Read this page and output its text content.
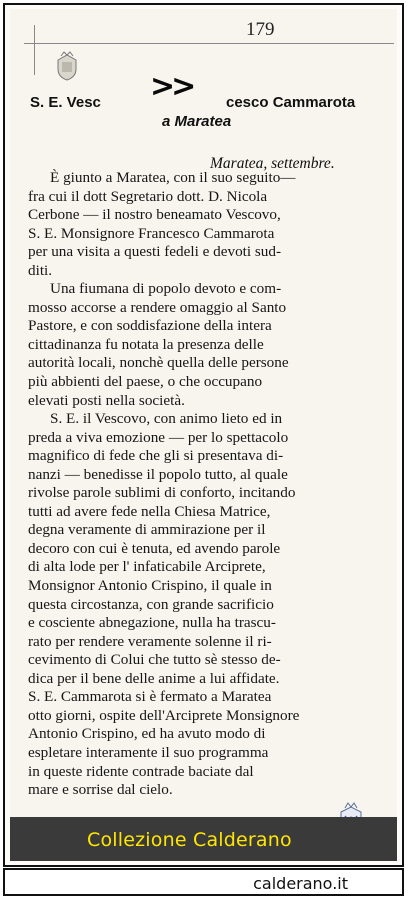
179
S. E. Vesc	cesco Cammarota
>>
a Maratea
Maratea, settembre.
È giunto a Maratea, con il suo seguito—
fra cui il dott Segretario dott. D. Nicola
Cerbone — il nostro beneamato Vescovo,
S. E. Monsignore Francesco Cammarota
per una visita a questi fedeli e devoti sud-
diti.
Una fiumana di popolo devoto e com-
mosso accorse a rendere omaggio al Santo
Pastore, e con soddisfazione della intera
cittadinanza fu notata la presenza delle
autorità locali, nonchè quella delle persone
più abbienti del paese, o che occupano
elevati posti nella società.
S. E. il Vescovo, con animo lieto ed in
preda a viva emozione — per lo spettacolo
magnifico di fede che gli si presentava di-
nanzi — benedisse il popolo tutto, al quale
rivolse parole sublimi di conforto, incitando
tutti ad avere fede nella Chiesa Matrice,
degna veramente di ammirazione per il
decoro con cui è tenuta, ed avendo parole
di alta lode per l' infaticabile Arciprete,
Monsignor Antonio Crispino, il quale in
questa circostanza, con grande sacrificio
e cosciente abnegazione, nulla ha trascu-
rato per rendere veramente solenne il ri-
cevimento di Colui che tutto sè stesso de-
dica per il bene delle anime a lui affidate.
S. E. Cammarota si è fermato a Maratea
otto giorni, ospite dell'Arciprete Monsignore
Antonio Crispino, ed ha avuto modo di
espletare interamente il suo programma
in queste ridente contrade baciate dal
mare e sorrise dal cielo.
Collezione Calderano
calderano.it
